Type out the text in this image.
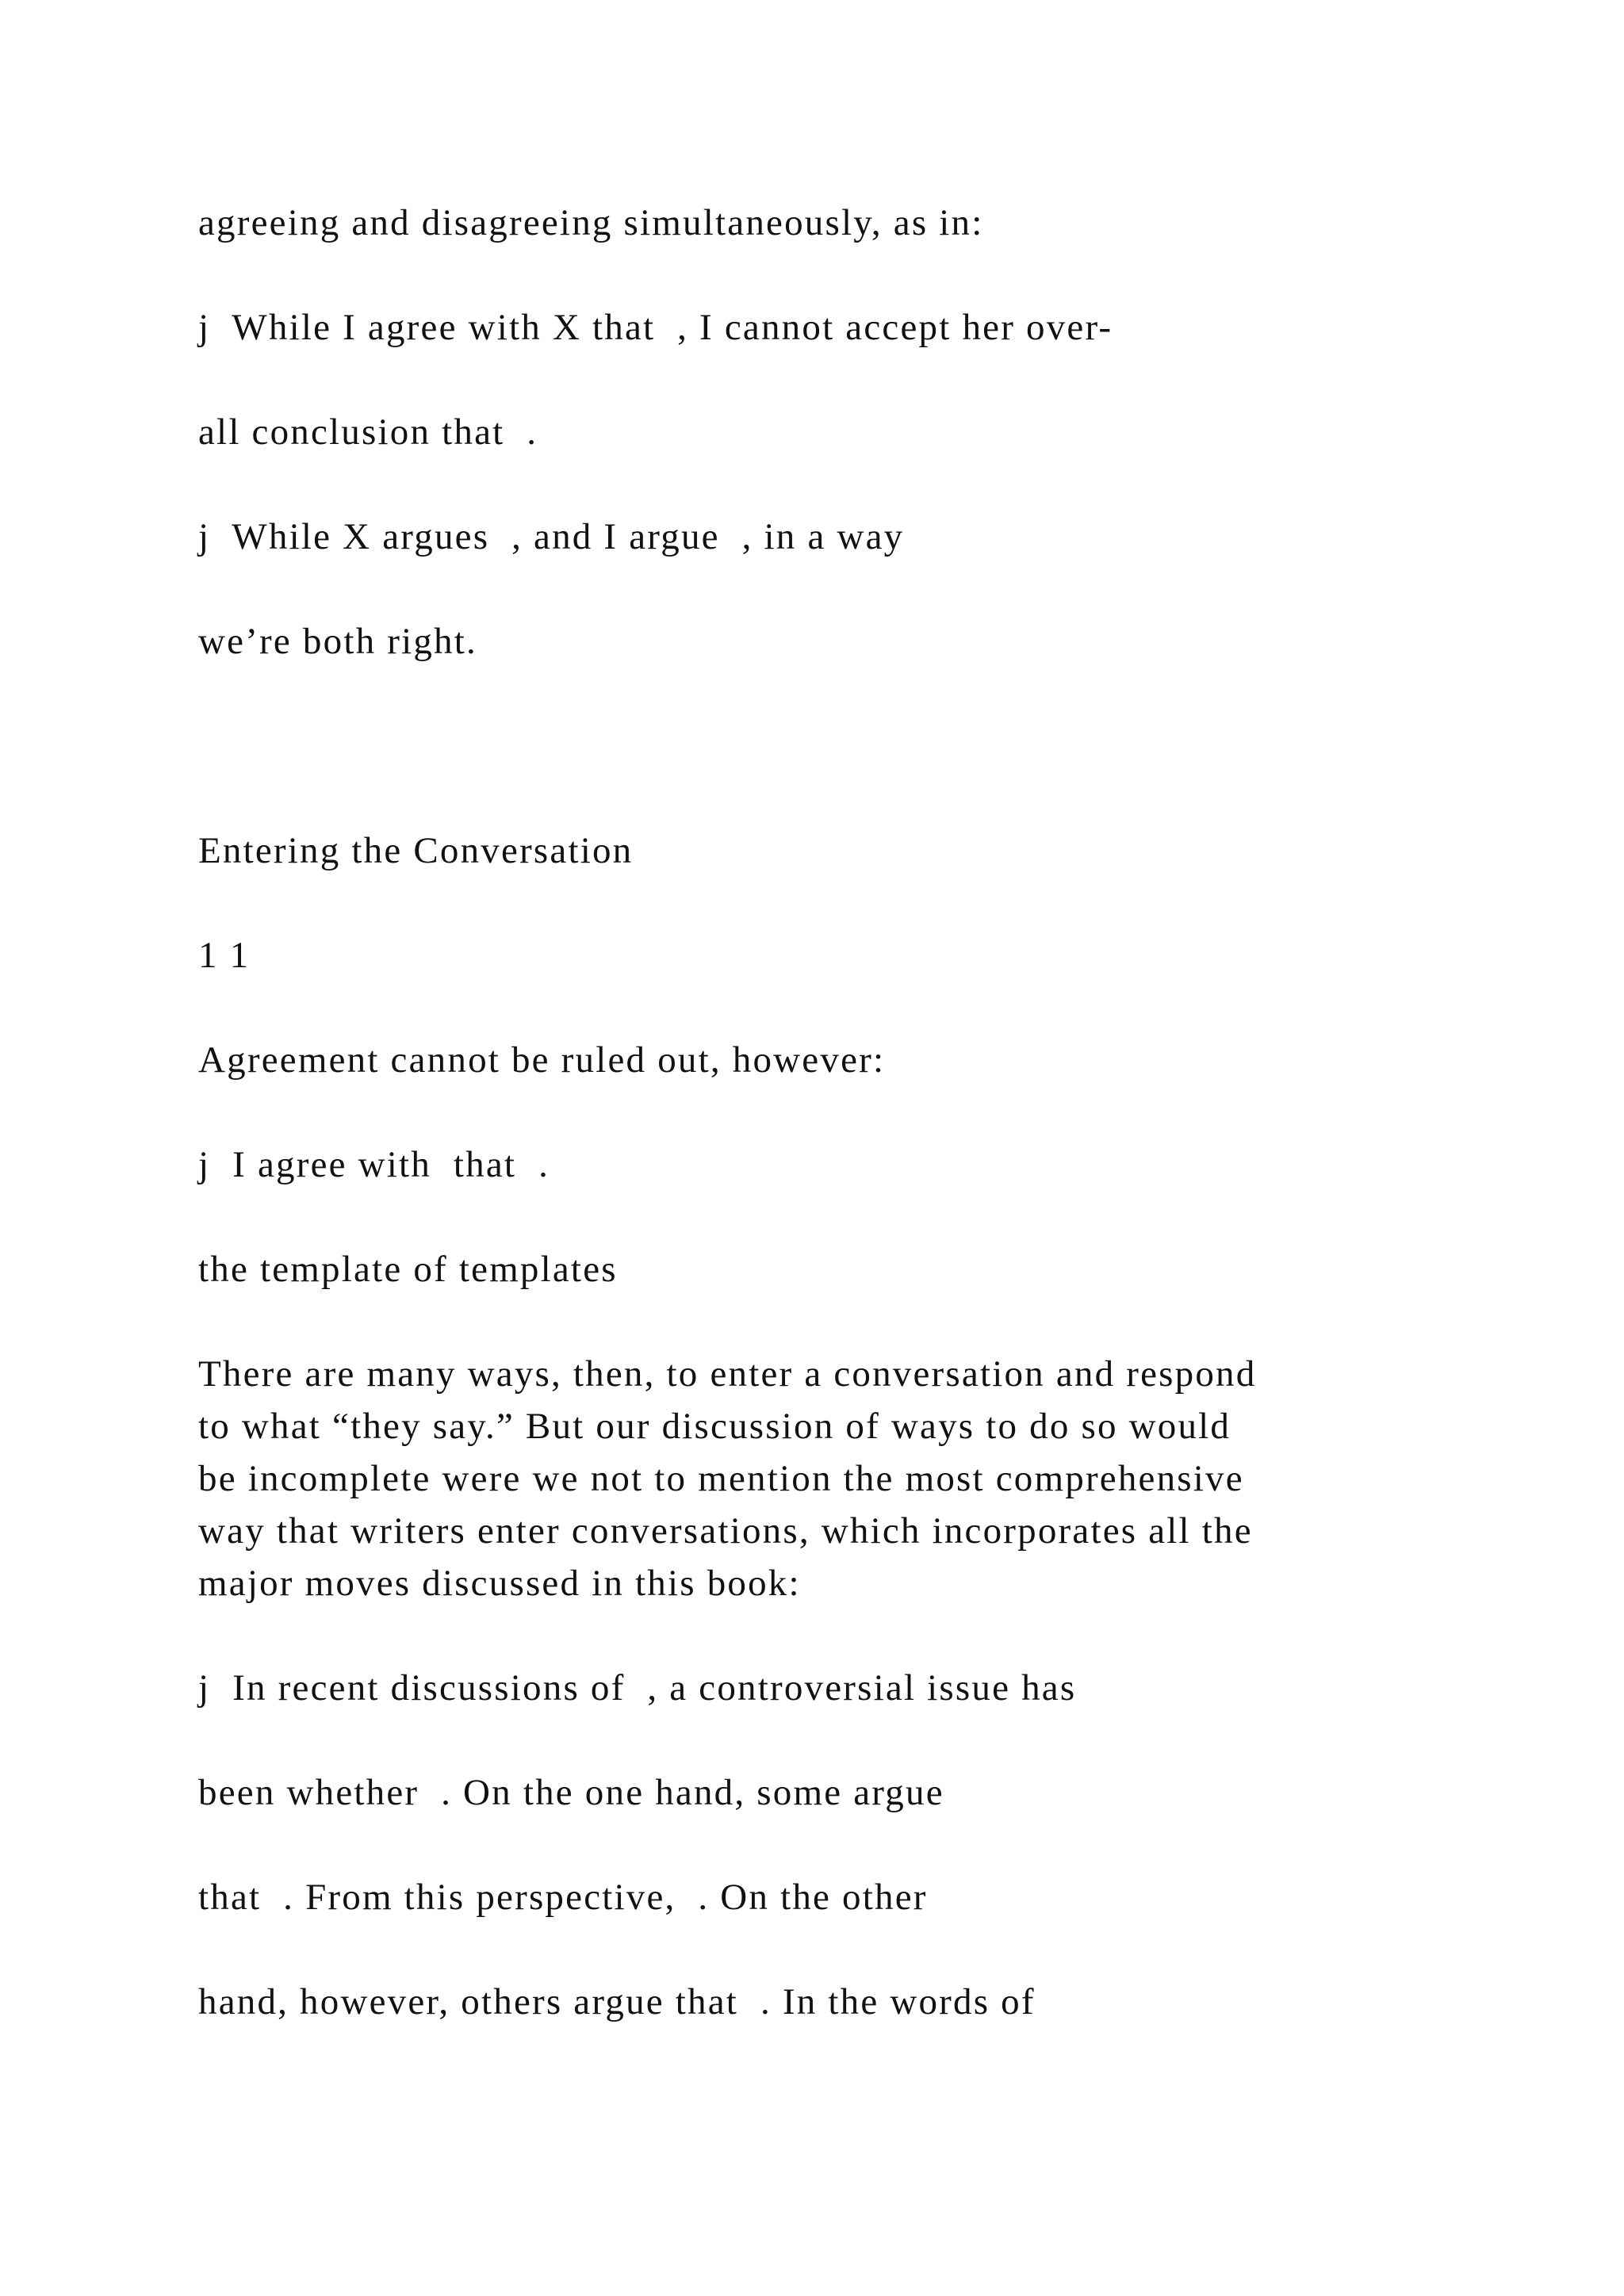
agreeing and disagreeing simultaneously, as in:

j  While I agree with X that  , I cannot accept her over-

all conclusion that  .

j  While X argues  , and I argue  , in a way

we’re both right.

Entering the Conversation

1 1

Agreement cannot be ruled out, however:

j  I agree with  that  .

the template of templates

There are many ways, then, to enter a conversation and respond
to what “they say.” But our discussion of ways to do so would
be incomplete were we not to mention the most comprehensive
way that writers enter conversations, which incorporates all the
major moves discussed in this book:

j  In recent discussions of  , a controversial issue has

been whether  . On the one hand, some argue

that  . From this perspective,  . On the other

hand, however, others argue that  . In the words of
